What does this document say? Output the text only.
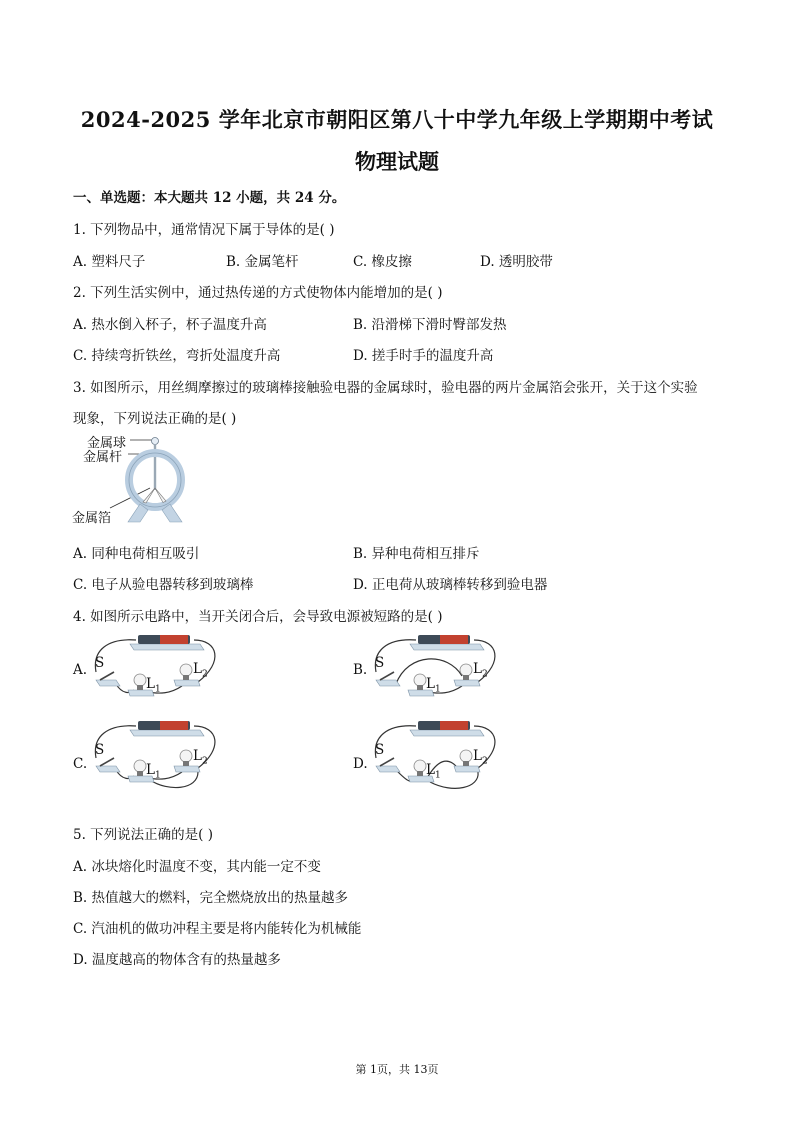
2024-2025 学年北京市朝阳区第八十中学九年级上学期期中考试
物理试题
一、单选题：本大题共 12 小题，共 24 分。
1. 下列物品中，通常情况下属于导体的是( )
A. 塑料尺子	B. 金属笔杆	C. 橡皮擦	D. 透明胶带
2. 下列生活实例中，通过热传递的方式使物体内能增加的是( )
A. 热水倒入杯子，杯子温度升高	B. 沿滑梯下滑时臀部发热
C. 持续弯折铁丝，弯折处温度升高	D. 搓手时手的温度升高
3. 如图所示，用丝绸摩擦过的玻璃棒接触验电器的金属球时，验电器的两片金属箔会张开，关于这个实验
现象，下列说法正确的是( )
金属球
金属杆
金属箔
A. 同种电荷相互吸引	B. 异种电荷相互排斥
C. 电子从验电器转移到玻璃棒	D. 正电荷从玻璃棒转移到验电器
4. 如图所示电路中，当开关闭合后，会导致电源被短路的是( )
A. S
$L_1$
$L_2$	B. S
$L_1$
$L_2$
C.
S
$L_1$
$L_2$	D.
S
$L_1$
$L_2$
5. 下列说法正确的是( )
A. 冰块熔化时温度不变，其内能一定不变
B. 热值越大的燃料，完全燃烧放出的热量越多
C. 汽油机的做功冲程主要是将内能转化为机械能
D. 温度越高的物体含有的热量越多
第 1页，共 13页
